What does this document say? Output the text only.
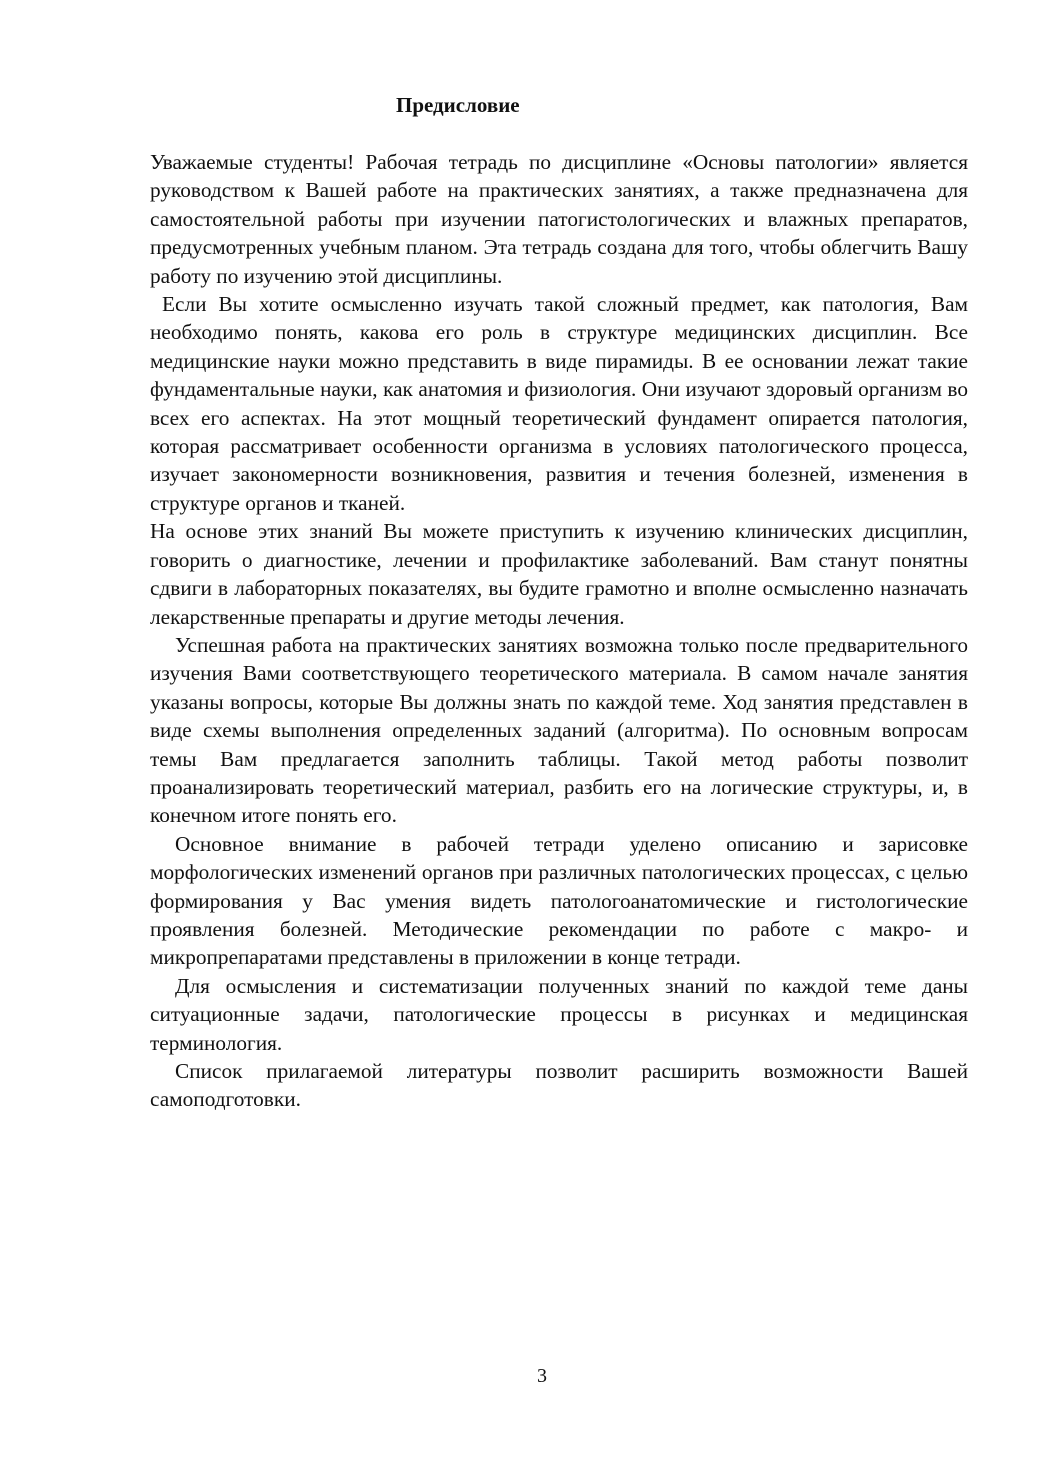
Предисловие

Уважаемые студенты! Рабочая тетрадь по дисциплине «Основы патологии» является руководством к Вашей работе на практических занятиях, а также предназначена для самостоятельной работы при изучении патогистологических и влажных препаратов, предусмотренных учебным планом. Эта тетрадь создана для того, чтобы облегчить Вашу работу по изучению этой дисциплины.

Если Вы хотите осмысленно изучать такой сложный предмет, как патология, Вам необходимо понять, какова его роль в структуре медицинских дисциплин. Все медицинские науки можно представить в виде пирамиды. В ее основании лежат такие фундаментальные науки, как анатомия и физиология. Они изучают здоровый организм во всех его аспектах. На этот мощный теоретический фундамент опирается патология, которая рассматривает особенности организма в условиях патологического процесса, изучает закономерности возникновения, развития и течения болезней, изменения в структуре органов и тканей.

На основе этих знаний Вы можете приступить к изучению клинических дисциплин, говорить о диагностике, лечении и профилактике заболеваний. Вам станут понятны сдвиги в лабораторных показателях, вы будите грамотно и вполне осмысленно назначать лекарственные препараты и другие методы лечения.

Успешная работа на практических занятиях возможна только после предварительного изучения Вами соответствующего теоретического материала. В самом начале занятия указаны вопросы, которые Вы должны знать по каждой теме. Ход занятия представлен в виде схемы выполнения определенных заданий (алгоритма). По основным вопросам темы Вам предлагается заполнить таблицы. Такой метод работы позволит проанализировать теоретический материал, разбить его на логические структуры, и, в конечном итоге понять его.

Основное внимание в рабочей тетради уделено описанию и зарисовке морфологических изменений органов при различных патологических процессах, с целью формирования у Вас умения видеть патологоанатомические и гистологические проявления болезней. Методические рекомендации по работе с макро- и микропрепаратами представлены в приложении в конце тетради.

Для осмысления и систематизации полученных знаний по каждой теме даны ситуационные задачи, патологические процессы в рисунках и медицинская терминология.

Список прилагаемой литературы позволит расширить возможности Вашей самоподготовки.

3
